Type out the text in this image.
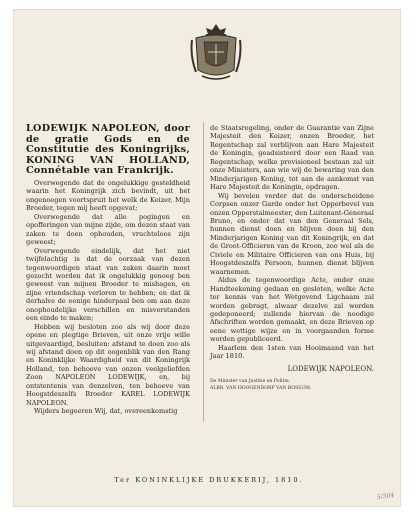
LODEWIJK NAPOLEON, door de gratie Gods en de Constitutie des Koningrijks, KONING VAN HOLLAND, Connétable van Frankrijk.

Overwegende dat de ongelukkige gesteldheid waarin het Koningrijk zich bevindt, uit het ongenoegen voortspruit het welk de Keizer, Mijn Broeder, tegen mij heeft opgevat;

Overwegende dat alle pogingen en opofferingen van mijne zijde, om dezen staat van zaken te doen ophouden, vruchteloos zijn geweest;

Overwegende eindelijk, dat het niet twijfelachtig is dat de oorzaak van dezen tegenwoordigen staat van zaken daarin moet gezocht worden dat ik ongelukkig genoeg ben geweest van mijnen Broeder te mishagen, en zijne vriendschap verloren te hebben; en dat ik derhalve de eenige hinderpaal ben om aan deze onophoudelijke verschillen en misverstanden een einde te maken;

Hebben wij besloten zoo als wij door deze opene en plegtige Brieven, uit onze vrije wille uitgevaardigd, besluiten: afstand te doen zoo als wij afstand doen op dit oogenblik van den Rang en Koninklijke Waardigheid van dit Koningrijk Holland, ten behoeve van onzen veelgeliefden Zoon NAPOLEON LODEWIJK, en, bij ontstentenis van denzelven, ten behoeve van Hoogstdeszelfs Broeder KAREL LODEWIJK NAPOLEON.

Wijders begeeren Wij, dat, overeenkomstig

de Staatsregeling, onder de Guarantie van Zijne Majesteit den Keizer, onzen Broeder, het Regentschap zal verblijven aan Hare Majesteit de Koningin, geadsisteerd door een Raad van Regentschap, welke provisioneel bestaan zal uit onze Ministers, aan wie wij de bewaring van den Minderjarigen Koning, tot aan de aankomst van Hare Majesteit de Koningin, opdragen.

Wij bevelen verder dat de onderscheidene Corpsen onzer Garde onder het Opperbevel van onzen Opperstalmeester, den Luitenant-Generaal Bruno, en onder dat van den Generaal Sels, hunnen dienst doen en blijven doen bij den Minderjarigen Koning van dit Koningrijk, en dat de Groot-Officieren van de Kroon, zoo wel als de Civiele en Militaire Officieren van ons Huis, bij Hoogstdeszelfs Persoon, hunnen dienst blijven waarnemen.

Aldus de tegenwoordige Acte, onder onze Handteekening gedaan en gesloten, welke Acte ter kennis van het Wetgevend Ligchaam zal worden gebragt, alwaar dezelve zal worden gedeponeerd; zullende hiervan de noodige Afschriften worden gemaakt, en deze Brieven op eene wettige wijze en in voorgaanden forme worden gepubliceerd.

Haarlem den 1sten van Hooimaand van het Jaar 1810.

LODEWIJK NAPOLEON.

De Minister van Justitie en Politie,

ALBR. VAN HOOGENDORP VAN BOSSUM.

Ter KONINKLIJKE DRUKKERIJ, 1810.
5/304
